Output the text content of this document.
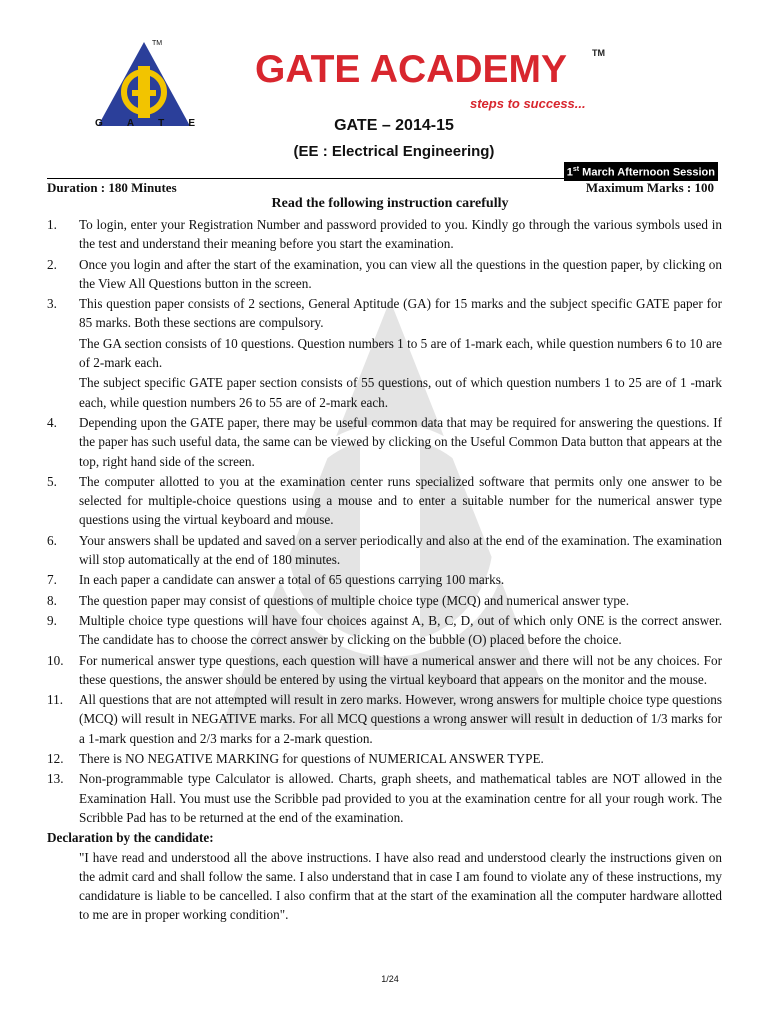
TM
G A T E
GATE ACADEMY	TM
steps to success...
GATE – 2014-15
(EE : Electrical Engineering)
1st March Afternoon Session
Duration : 180 Minutes	Maximum Marks : 100
Read the following instruction carefully
1.	To login, enter your Registration Number and password provided to you. Kindly go through the various symbols used in the test and understand their meaning before you start the examination.
2.	Once you login and after the start of the examination, you can view all the questions in the question paper, by clicking on the View All Questions button in the screen.
3.	This question paper consists of 2 sections, General Aptitude (GA) for 15 marks and the subject specific GATE paper for 85 marks. Both these sections are compulsory.
The GA section consists of 10 questions. Question numbers 1 to 5 are of 1-mark each, while question numbers 6 to 10 are of 2-mark each.
The subject specific GATE paper section consists of 55 questions, out of which question numbers 1 to 25 are of 1 -mark each, while question numbers 26 to 55 are of 2-mark each.
4.	Depending upon the GATE paper, there may be useful common data that may be required for answering the questions. If the paper has such useful data, the same can be viewed by clicking on the Useful Common Data button that appears at the top, right hand side of the screen.
5.	The computer allotted to you at the examination center runs specialized software that permits only one answer to be selected for multiple-choice questions using a mouse and to enter a suitable number for the numerical answer type questions using the virtual keyboard and mouse.
6.	Your answers shall be updated and saved on a server periodically and also at the end of the examination. The examination will stop automatically at the end of 180 minutes.
7.	In each paper a candidate can answer a total of 65 questions carrying 100 marks.
8.	The question paper may consist of questions of multiple choice type (MCQ) and numerical answer type.
9.	Multiple choice type questions will have four choices against A, B, C, D, out of which only ONE is the correct answer. The candidate has to choose the correct answer by clicking on the bubble (O) placed before the choice.
10.	For numerical answer type questions, each question will have a numerical answer and there will not be any choices. For these questions, the answer should be entered by using the virtual keyboard that appears on the monitor and the mouse.
11.	All questions that are not attempted will result in zero marks. However, wrong answers for multiple choice type questions (MCQ) will result in NEGATIVE marks. For all MCQ questions a wrong answer will result in deduction of 1/3 marks for a 1-mark question and 2/3 marks for a 2-mark question.
12.	There is NO NEGATIVE MARKING for questions of NUMERICAL ANSWER TYPE.
13.	Non-programmable type Calculator is allowed. Charts, graph sheets, and mathematical tables are NOT allowed in the Examination Hall. You must use the Scribble pad provided to you at the examination centre for all your rough work. The Scribble Pad has to be returned at the end of the examination.
Declaration by the candidate:
"I have read and understood all the above instructions. I have also read and understood clearly the instructions given on the admit card and shall follow the same. I also understand that in case I am found to violate any of these instructions, my candidature is liable to be cancelled. I also confirm that at the start of the examination all the computer hardware allotted to me are in proper working condition".
1/24
